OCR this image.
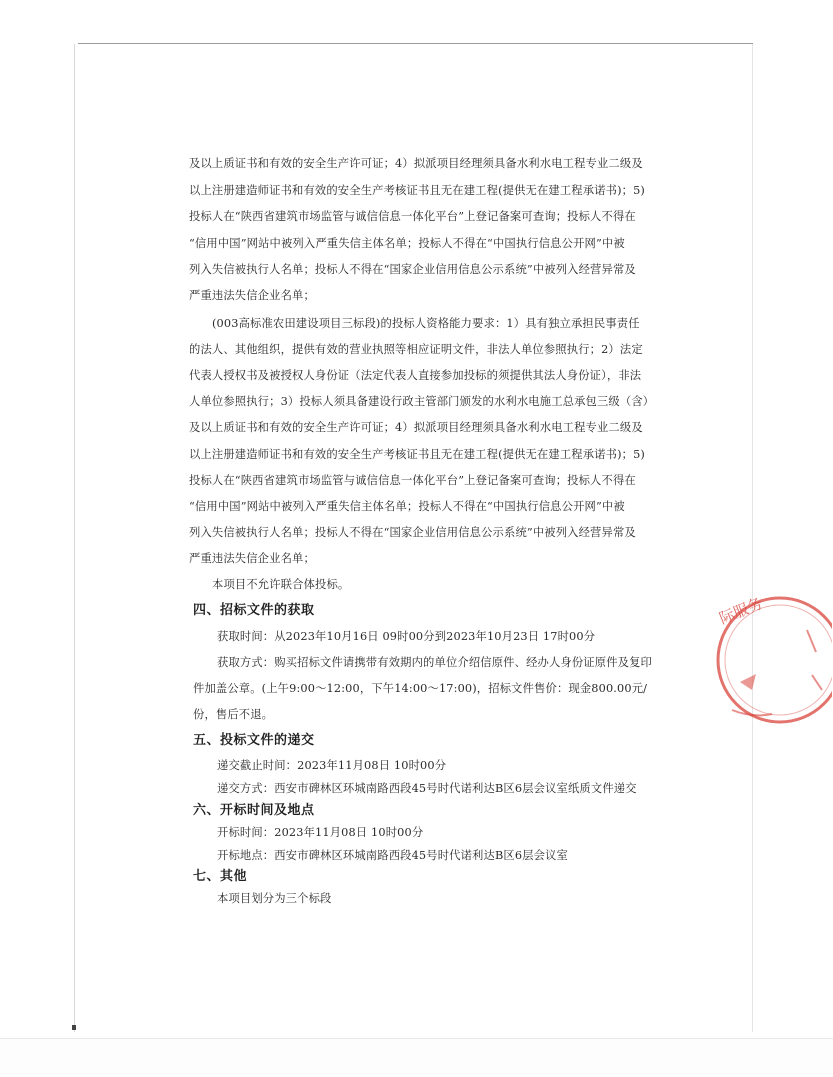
及以上质证书和有效的安全生产许可证；4）拟派项目经理须具备水利水电工程专业二级及
以上注册建造师证书和有效的安全生产考核证书且无在建工程(提供无在建工程承诺书)；5)
投标人在“陕西省建筑市场监管与诚信信息一体化平台”上登记备案可查询；投标人不得在
“信用中国”网站中被列入严重失信主体名单；投标人不得在“中国执行信息公开网”中被
列入失信被执行人名单；投标人不得在“国家企业信用信息公示系统”中被列入经营异常及
严重违法失信企业名单；
(003高标准农田建设项目三标段)的投标人资格能力要求：1）具有独立承担民事责任
的法人、其他组织，提供有效的营业执照等相应证明文件，非法人单位参照执行；2）法定
代表人授权书及被授权人身份证（法定代表人直接参加投标的须提供其法人身份证），非法
人单位参照执行；3）投标人须具备建设行政主管部门颁发的水利水电施工总承包三级（含）
及以上质证书和有效的安全生产许可证；4）拟派项目经理须具备水利水电工程专业二级及
以上注册建造师证书和有效的安全生产考核证书且无在建工程(提供无在建工程承诺书)；5)
投标人在“陕西省建筑市场监管与诚信信息一体化平台”上登记备案可查询；投标人不得在
“信用中国”网站中被列入严重失信主体名单；投标人不得在“中国执行信息公开网”中被
列入失信被执行人名单；投标人不得在“国家企业信用信息公示系统”中被列入经营异常及
严重违法失信企业名单；
本项目不允许联合体投标。
四、招标文件的获取
获取时间：从2023年10月16日 09时00分到2023年10月23日 17时00分
获取方式：购买招标文件请携带有效期内的单位介绍信原件、经办人身份证原件及复印
件加盖公章。(上午9:00～12:00，下午14:00～17:00)，招标文件售价：现金800.00元/
份，售后不退。
五、投标文件的递交
递交截止时间：2023年11月08日 10时00分
递交方式：西安市碑林区环城南路西段45号时代诺利达B区6层会议室纸质文件递交
六、开标时间及地点
开标时间：2023年11月08日 10时00分
开标地点：西安市碑林区环城南路西段45号时代诺利达B区6层会议室
七、其他
本项目划分为三个标段
际服务
